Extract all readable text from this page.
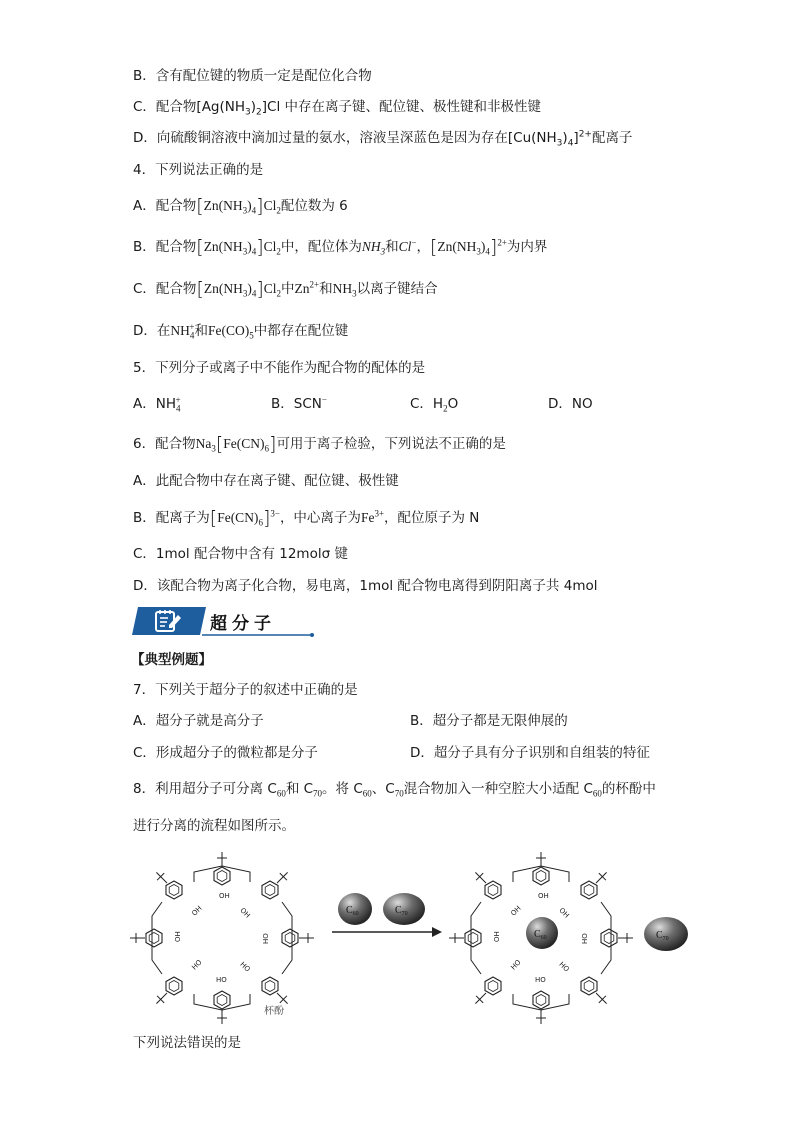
B．含有配位键的物质一定是配位化合物
C．配合物$[Ag(NH_3)_2]Cl$ 中存在离子键、配位键、极性键和非极性键
D．向硫酸铜溶液中滴加过量的氨水，溶液呈深蓝色是因为存在$[Cu(NH_3)_4]^{2+}$配离子
4．下列说法正确的是
A．配合物$[Zn(NH_3)_4]Cl_2$配位数为 6
B．配合物$[Zn(NH_3)_4]Cl_2$中，配位体为$NH_3$和Cl−，$[Zn(NH_3)_4]^{2+}$为内界
C．配合物$[Zn(NH_3)_4]Cl_2$中$Zn^{2+}$和$NH_3$以离子键结合
D．在$NH_4^+$和$Fe(CO)_5$中都存在配位键
5．下列分子或离子中不能作为配合物的配体的是
A．$NH_4^+$	B．SCN−	C．$H_2O$	D．NO
6．配合物$Na_3[Fe(CN)_6]$可用于离子检验，下列说法不正确的是
A．此配合物中存在离子键、配位键、极性键
B．配离子为$[Fe(CN)_6]^{3-}$，中心离子为$Fe^{3+}$，配位原子为 N
C．1mol 配合物中含有 12molσ 键
D．该配合物为离子化合物，易电离，1mol 配合物电离得到阴阳离子共 4mol
超分子
【典型例题】
7．下列关于超分子的叙述中正确的是
A．超分子就是高分子	B．超分子都是无限伸展的
C．形成超分子的微粒都是分子	D．超分子具有分子识别和自组装的特征
8．利用超分子可分离 $C_{60}$和 $C_{70}$。将 $C_{60}$、$C_{70}$混合物加入一种空腔大小适配 $C_{60}$的杯酚中
进行分离的流程如图所示。
OH
OH	OH
OH	HO
HO	HO
HO
$C_{60}$	$C_{70}$
OH
OH	OH
OH	HO
HO	HO
HO
$C_{60}$	$C_{70}$
杯酚
下列说法错误的是
